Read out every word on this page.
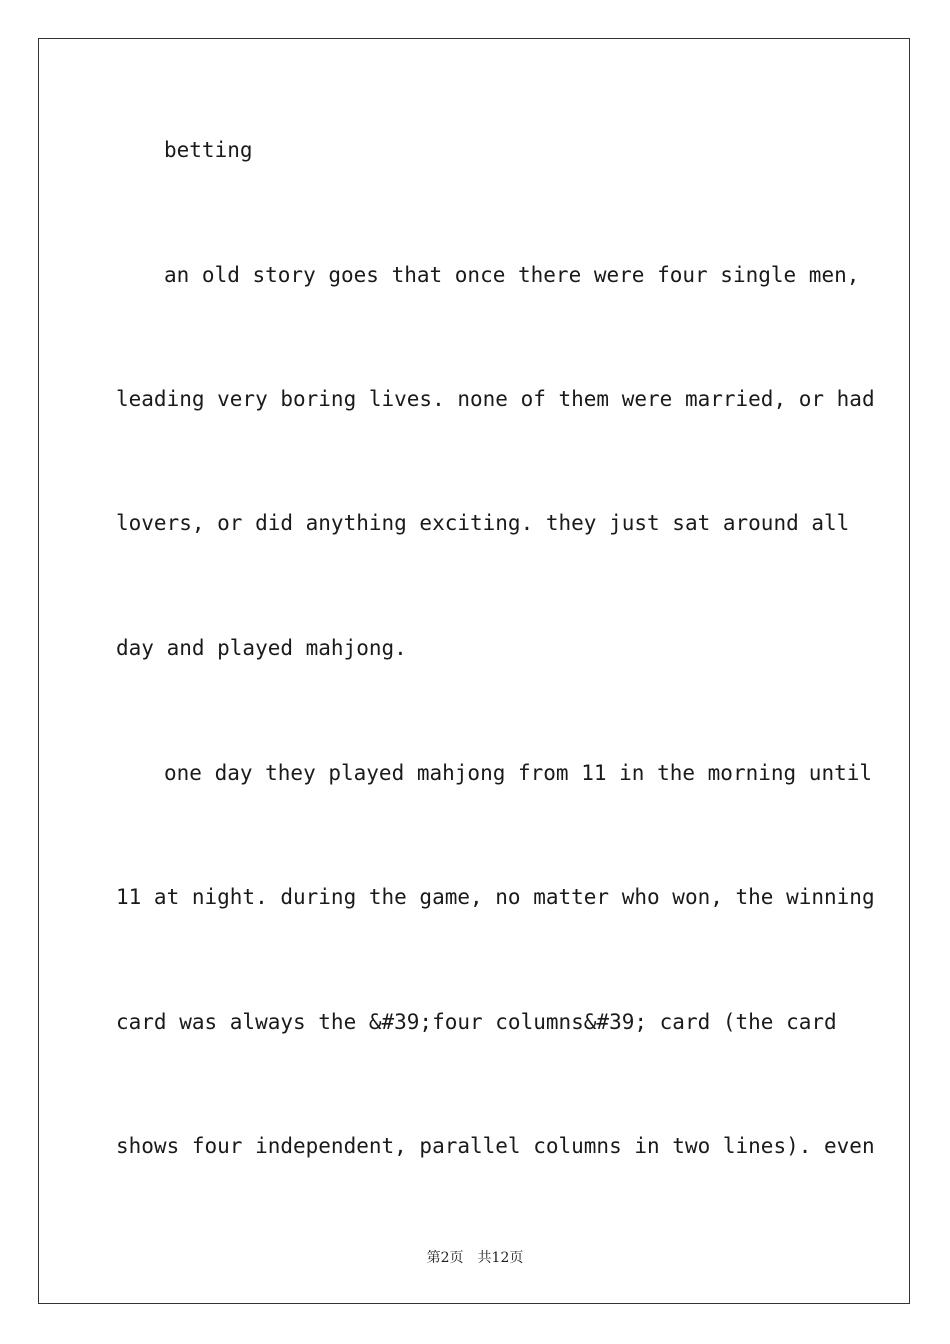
betting
an old story goes that once there were four single men,
leading very boring lives. none of them were married, or had
lovers, or did anything exciting. they just sat around all
day and played mahjong.
one day they played mahjong from 11 in the morning until
11 at night. during the game, no matter who won, the winning
card was always the &#39;four columns&#39; card (the card
shows four independent, parallel columns in two lines). even
第2页　共12页
